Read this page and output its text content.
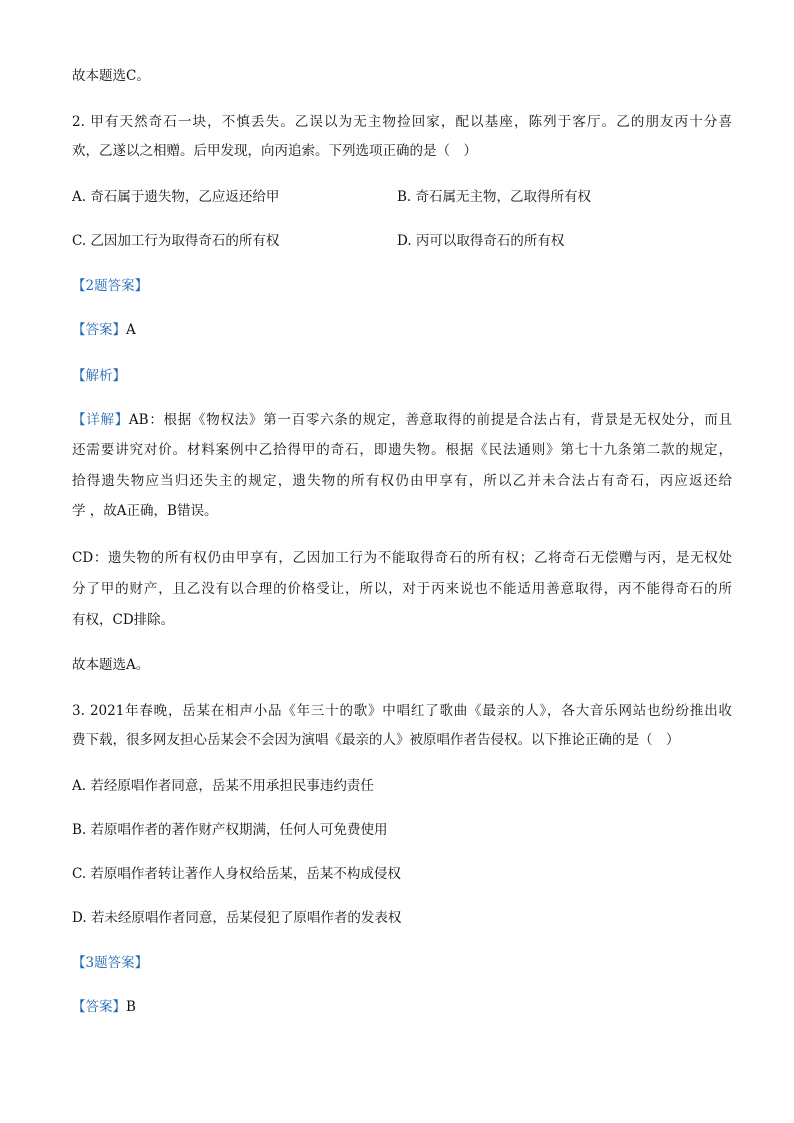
故本题选C。
2. 甲有天然奇石一块，不慎丢失。乙误以为无主物捡回家，配以基座，陈列于客厅。乙的朋友丙十分喜
欢，乙遂以之相赠。后甲发现，向丙追索。下列选项正确的是（　）
A. 奇石属于遗失物，乙应返还给甲	B. 奇石属无主物，乙取得所有权
C. 乙因加工行为取得奇石的所有权	D. 丙可以取得奇石的所有权
【2题答案】
【答案】A
【解析】
【详解】AB：根据《物权法》第一百零六条的规定，善意取得的前提是合法占有，背景是无权处分，而且
还需要讲究对价。材料案例中乙拾得甲的奇石，即遗失物。根据《民法通则》第七十九条第二款的规定，
拾得遗失物应当归还失主的规定，遗失物的所有权仍由甲享有，所以乙并未合法占有奇石，丙应返还给
学 ，故A正确，B错误。
CD：遗失物的所有权仍由甲享有，乙因加工行为不能取得奇石的所有权；乙将奇石无偿赠与丙，是无权处
分了甲的财产，且乙没有以合理的价格受让，所以，对于丙来说也不能适用善意取得，丙不能得奇石的所
有权，CD排除。
故本题选A。
3. 2021年春晚，岳某在相声小品《年三十的歌》中唱红了歌曲《最亲的人》，各大音乐网站也纷纷推出收
费下载，很多网友担心岳某会不会因为演唱《最亲的人》被原唱作者告侵权。以下推论正确的是（　）
A. 若经原唱作者同意，岳某不用承担民事违约责任
B. 若原唱作者的著作财产权期满，任何人可免费使用
C. 若原唱作者转让著作人身权给岳某，岳某不构成侵权
D. 若未经原唱作者同意，岳某侵犯了原唱作者的发表权
【3题答案】
【答案】B
